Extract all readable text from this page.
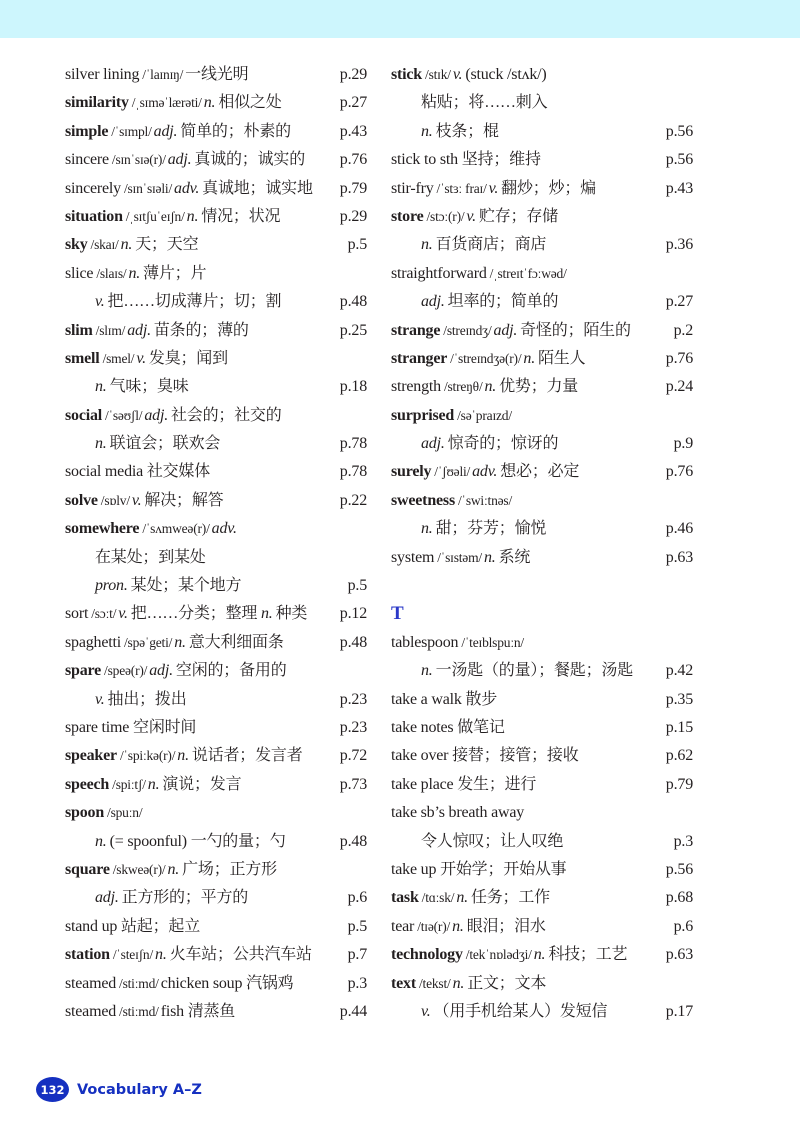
silver lining /ˈlaɪnɪŋ/ 一线光明	p.29
similarity /ˌsɪməˈlærəti/ n. 相似之处	p.27
simple /ˈsɪmpl/ adj. 简单的；朴素的	p.43
sincere /sɪnˈsɪə(r)/ adj. 真诚的；诚实的 p.76
sincerely /sɪnˈsɪəli/ adv. 真诚地；诚实地 p.79
situation /ˌsɪtʃuˈeɪʃn/ n. 情况；状况	p.29
sky /skaɪ/ n. 天；天空	p.5
slice /slaɪs/ n. 薄片；片
v. 把……切成薄片；切；割	p.48
slim /slɪm/ adj. 苗条的；薄的	p.25
smell /smel/ v. 发臭；闻到
n. 气味；臭味	p.18
social /ˈsəʊʃl/ adj. 社会的；社交的
n. 联谊会；联欢会	p.78
social media 社交媒体	p.78
solve /sɒlv/ v. 解决；解答	p.22
somewhere /ˈsʌmweə(r)/ adv.
在某处；到某处
pron. 某处；某个地方	p.5
sort /sɔːt/ v. 把……分类；整理 n. 种类 p.12
spaghetti /spəˈgeti/ n. 意大利细面条	p.48
spare /speə(r)/ adj. 空闲的；备用的
v. 抽出；拨出	p.23
spare time 空闲时间	p.23
speaker /ˈspiːkə(r)/ n. 说话者；发言者 p.72
speech /spiːtʃ/ n. 演说；发言	p.73
spoon /spuːn/
n. (= spoonful) 一勺的量；勺	p.48
square /skweə(r)/ n. 广场；正方形
adj. 正方形的；平方的	p.6
stand up 站起；起立	p.5
station /ˈsteɪʃn/ n. 火车站；公共汽车站 p.7
steamed /stiːmd/ chicken soup 汽锅鸡	p.3
steamed /stiːmd/ fish 清蒸鱼	p.44
stick /stɪk/ v. (stuck /stʌk/)
粘贴；将……刺入
n. 枝条；棍	p.56
stick to sth 坚持；维持	p.56
stir-fry /ˈstɜː fraɪ/ v. 翻炒；炒；煸	p.43
store /stɔː(r)/ v. 贮存；存储
n. 百货商店；商店	p.36
straightforward /ˌstreɪtˈfɔːwəd/
adj. 坦率的；简单的	p.27
strange /streɪndʒ/ adj. 奇怪的；陌生的	p.2
stranger /ˈstreɪndʒə(r)/ n. 陌生人	p.76
strength /streŋθ/ n. 优势；力量	p.24
surprised /səˈpraɪzd/
adj. 惊奇的；惊讶的	p.9
surely /ˈʃʊəli/ adv. 想必；必定	p.76
sweetness /ˈswiːtnəs/
n. 甜；芬芳；愉悦	p.46
system /ˈsɪstəm/ n. 系统	p.63
T
tablespoon /ˈteɪblspuːn/
n. 一汤匙（的量）；餐匙；汤匙 p.42
take a walk 散步	p.35
take notes 做笔记	p.15
take over 接替；接管；接收	p.62
take place 发生；进行	p.79
take sb’s breath away
令人惊叹；让人叹绝	p.3
take up 开始学；开始从事	p.56
task /tɑːsk/ n. 任务；工作	p.68
tear /tɪə(r)/ n. 眼泪；泪水	p.6
technology /tekˈnɒlədʒi/ n. 科技；工艺 p.63
text /tekst/ n. 正文；文本
v. （用手机给某人）发短信	p.17
132 Vocabulary A–Z
